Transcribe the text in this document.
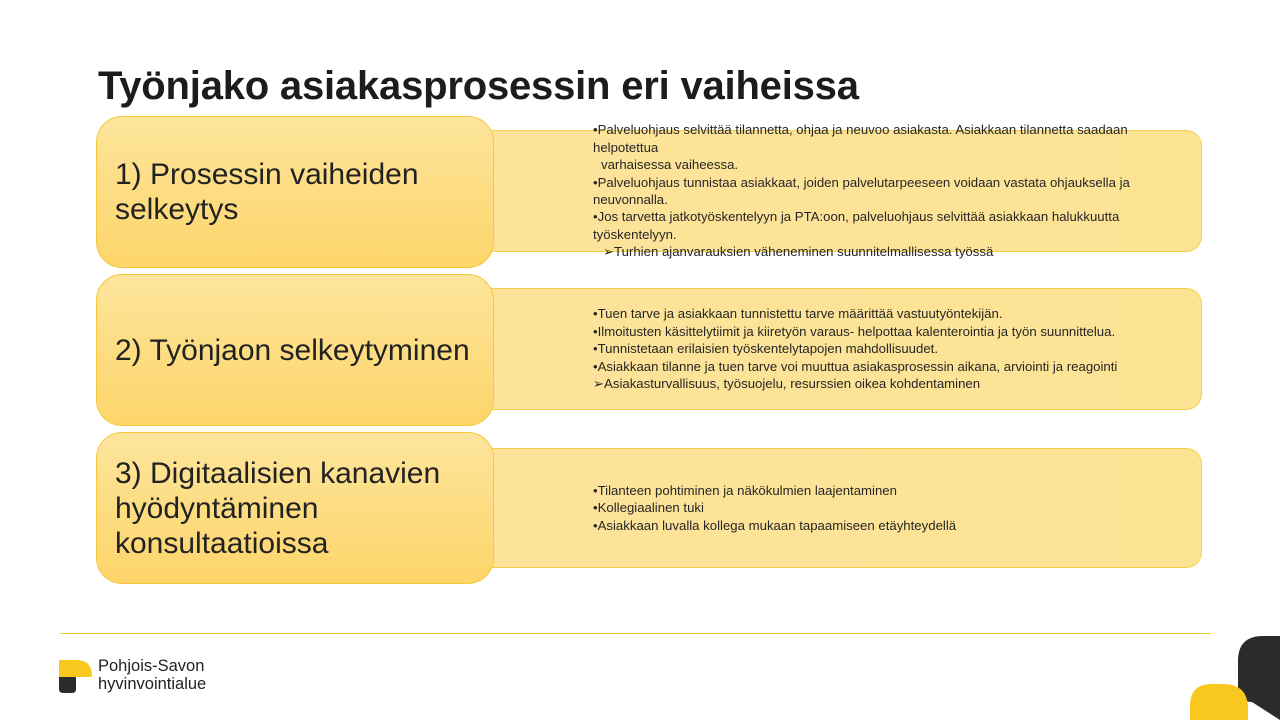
Työnjako asiakasprosessin eri vaiheissa

•Palveluohjaus selvittää tilannetta, ohjaa ja neuvoo asiakasta. Asiakkaan tilannetta saadaan helpotettua

varhaisessa vaiheessa.

•Palveluohjaus tunnistaa asiakkaat, joiden palvelutarpeeseen voidaan vastata ohjauksella ja neuvonnalla.

•Jos tarvetta jatkotyöskentelyyn ja PTA:oon, palveluohjaus selvittää asiakkaan halukkuutta työskentelyyn.

➢Turhien ajanvarauksien väheneminen suunnitelmallisessa työssä

1) Prosessin vaiheiden selkeytys

•Tuen tarve ja asiakkaan tunnistettu tarve määrittää vastuutyöntekijän.

•Ilmoitusten käsittelytiimit ja kiiretyön varaus- helpottaa kalenterointia ja työn suunnittelua.

•Tunnistetaan erilaisien työskentelytapojen mahdollisuudet.

•Asiakkaan tilanne ja tuen tarve voi muuttua asiakasprosessin aikana, arviointi ja reagointi

➢Asiakasturvallisuus, työsuojelu, resurssien oikea kohdentaminen

2) Työnjaon selkeytyminen

•Tilanteen pohtiminen ja näkökulmien laajentaminen

•Kollegiaalinen tuki

•Asiakkaan luvalla kollega mukaan tapaamiseen etäyhteydellä

3) Digitaalisien kanavien hyödyntäminen konsultaatioissa
Pohjois-Savon
hyvinvointialue
